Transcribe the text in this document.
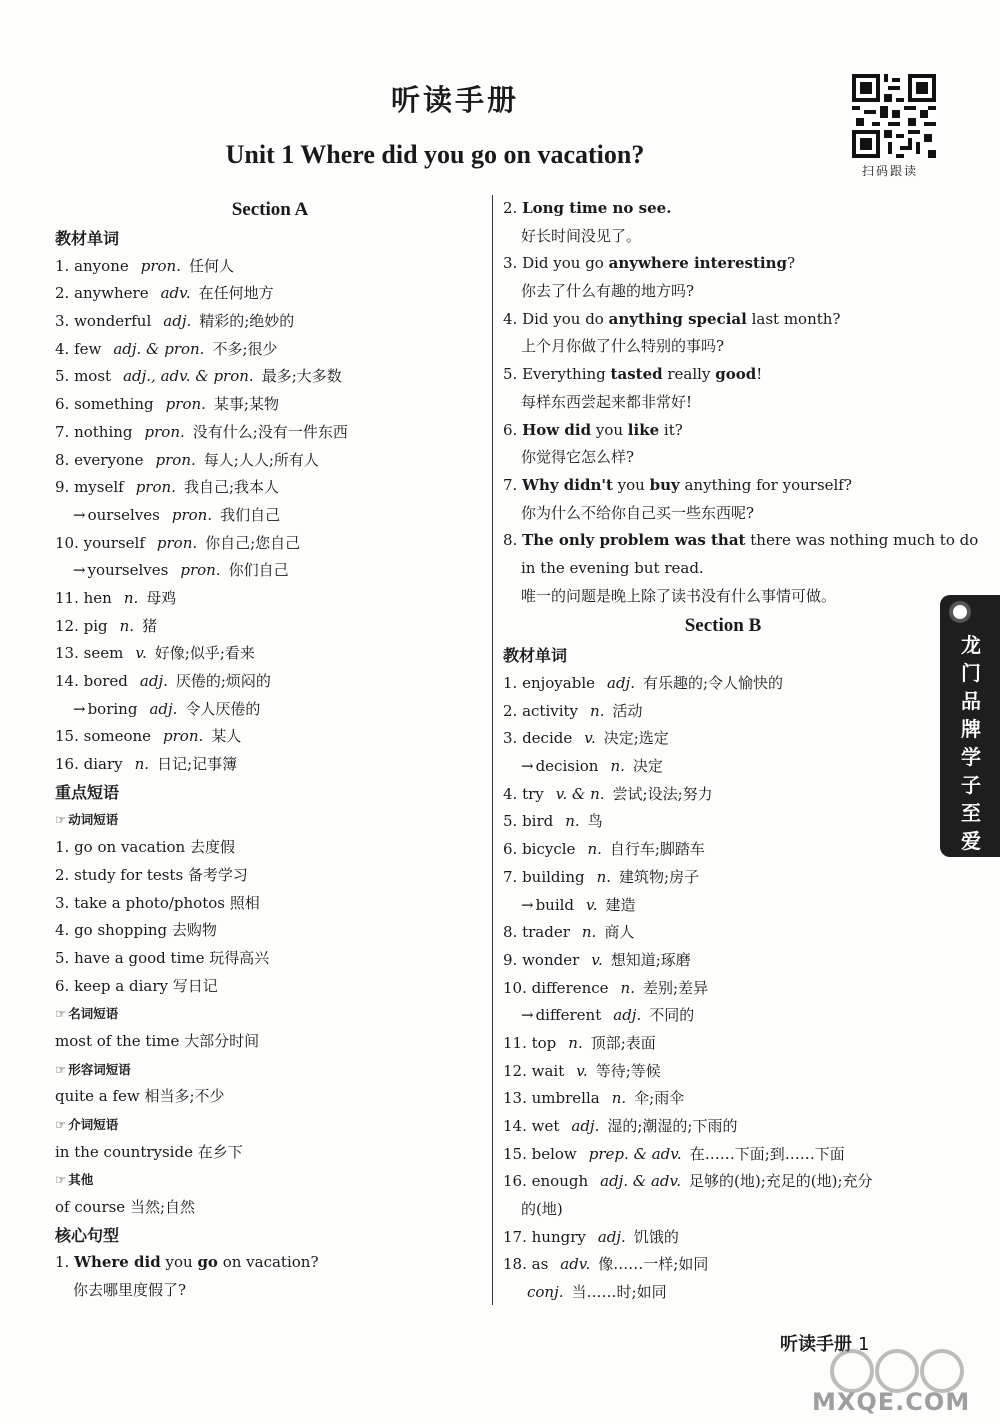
听读手册
Unit 1 Where did you go on vacation?
扫码跟读
Section A
教材单词
1. anyone pron. 任何人
2. anywhere adv. 在任何地方
3. wonderful adj. 精彩的;绝妙的
4. few adj. & pron. 不多;很少
5. most adj., adv. & pron. 最多;大多数
6. something pron. 某事;某物
7. nothing pron. 没有什么;没有一件东西
8. everyone pron. 每人;人人;所有人
9. myself pron. 我自己;我本人
→ ourselves pron. 我们自己
10. yourself pron. 你自己;您自己
→ yourselves pron. 你们自己
11. hen n. 母鸡
12. pig n. 猪
13. seem v. 好像;似乎;看来
14. bored adj. 厌倦的;烦闷的
→ boring adj. 令人厌倦的
15. someone pron. 某人
16. diary n. 日记;记事簿
重点短语
☞ 动词短语
1. go on vacation 去度假
2. study for tests 备考学习
3. take a photo/photos 照相
4. go shopping 去购物
5. have a good time 玩得高兴
6. keep a diary 写日记
☞ 名词短语
most of the time 大部分时间
☞ 形容词短语
quite a few 相当多;不少
☞ 介词短语
in the countryside 在乡下
☞ 其他
of course 当然;自然
核心句型
1. Where did you go on vacation?
你去哪里度假了?
2. Long time no see.
好长时间没见了。
3. Did you go anywhere interesting?
你去了什么有趣的地方吗?
4. Did you do anything special last month?
上个月你做了什么特别的事吗?
5. Everything tasted really good!
每样东西尝起来都非常好!
6. How did you like it?
你觉得它怎么样?
7. Why didn't you buy anything for yourself?
你为什么不给你自己买一些东西呢?
8. The only problem was that there was nothing much to do
in the evening but read.
唯一的问题是晚上除了读书没有什么事情可做。
Section B
教材单词
1. enjoyable adj. 有乐趣的;令人愉快的
2. activity n. 活动
3. decide v. 决定;选定
→ decision n. 决定
4. try v. & n. 尝试;设法;努力
5. bird n. 鸟
6. bicycle n. 自行车;脚踏车
7. building n. 建筑物;房子
→ build v. 建造
8. trader n. 商人
9. wonder v. 想知道;琢磨
10. difference n. 差别;差异
→ different adj. 不同的
11. top n. 顶部;表面
12. wait v. 等待;等候
13. umbrella n. 伞;雨伞
14. wet adj. 湿的;潮湿的;下雨的
15. below prep. & adv. 在……下面;到……下面
16. enough adj. & adv. 足够的(地);充足的(地);充分
的(地)
17. hungry adj. 饥饿的
18. as adv. 像……一样;如同
conj. 当……时;如同
龙
门
品
牌
学
子
至
爱
听读手册 1
MXQE.COM
